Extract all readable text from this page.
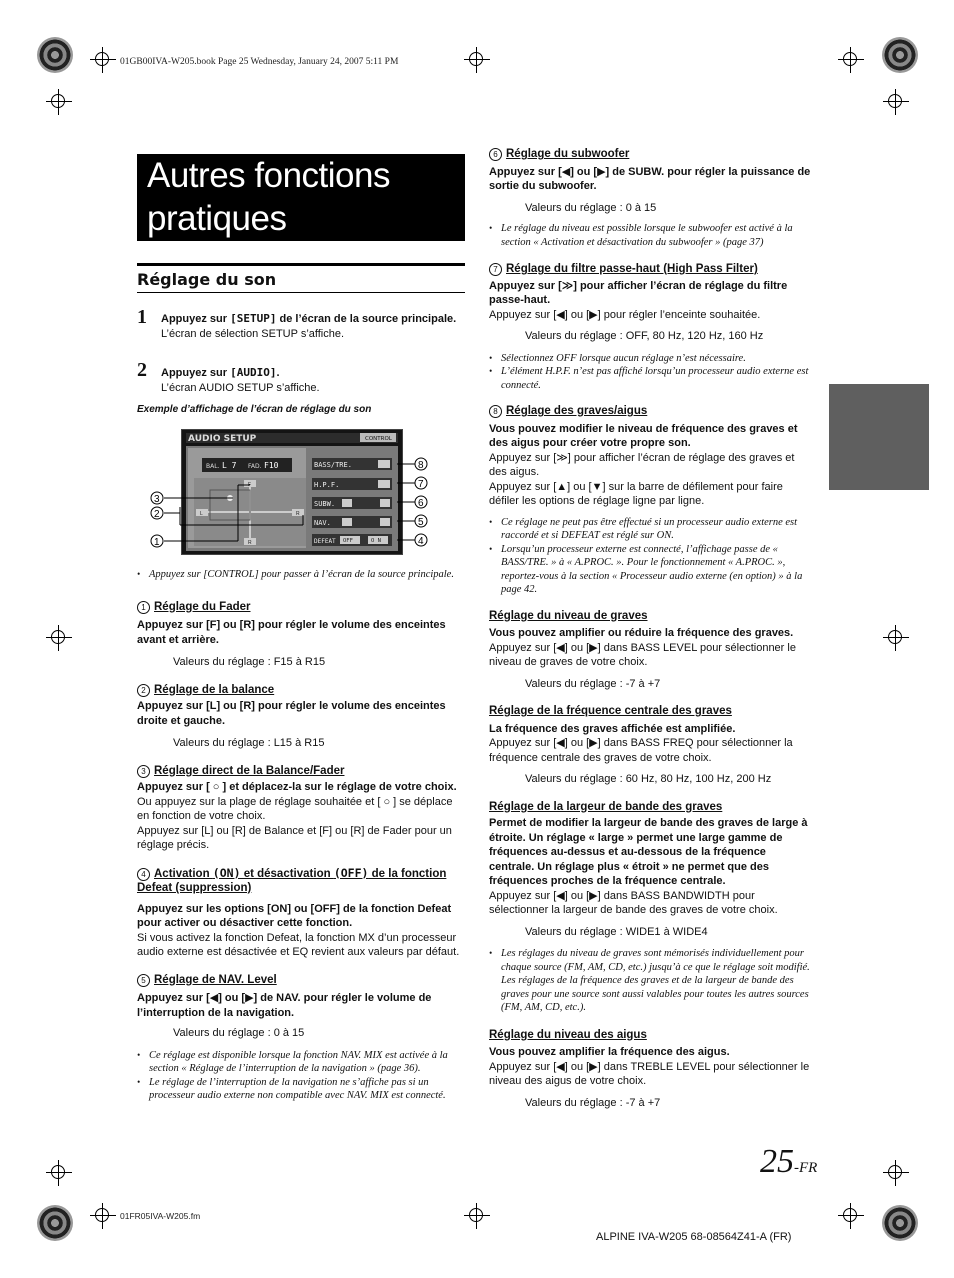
01GB00IVA-W205.book Page 25 Wednesday, January 24, 2007 5:11 PM
01FR05IVA-W205.fm
ALPINE IVA-W205 68-08564Z41-A (FR)
25-FR
Autres fonctions
pratiques
Réglage du son
1 Appuyez sur [SETUP] de l’écran de la source principale.

L’écran de sélection SETUP s’affiche.

2 Appuyez sur [AUDIO].

L’écran AUDIO SETUP s’affiche.

Exemple d’affichage de l’écran de réglage du son
AUDIO SETUP	CONTROL
BAL. L 7 FAD. F10
F
R
L	R
BASS/TRE.
H.P.F.
SUBW.
NAV.
DEFEAT OFF	O N
3
2
1
8
7
6
5
4

• Appuyez sur [CONTROL] pour passer à l’écran de la source principale.

1 Réglage du Fader

Appuyez sur [F] ou [R] pour régler le volume des enceintes avant et arrière.

Valeurs du réglage : F15 à R15

2 Réglage de la balance

Appuyez sur [L] ou [R] pour régler le volume des enceintes droite et gauche.

Valeurs du réglage : L15 à R15

3 Réglage direct de la Balance/Fader

Appuyez sur [ ○ ] et déplacez-la sur le réglage de votre choix.

Ou appuyez sur la plage de réglage souhaitée et [ ○ ] se déplace en fonction de votre choix.

Appuyez sur [L] ou [R] de Balance et [F] ou [R] de Fader pour un réglage précis.

4 Activation (ON) et désactivation (OFF) de la fonction Defeat (suppression)

Appuyez sur les options [ON] ou [OFF] de la fonction Defeat pour activer ou désactiver cette fonction.

Si vous activez la fonction Defeat, la fonction MX d’un processeur audio externe est désactivée et EQ revient aux valeurs par défaut.

5 Réglage de NAV. Level

Appuyez sur [◀] ou [▶] de NAV. pour régler le volume de l’interruption de la navigation.

Valeurs du réglage : 0 à 15

• Ce réglage est disponible lorsque la fonction NAV. MIX est activée à la section « Réglage de l’interruption de la navigation » (page 36).

• Le réglage de l’interruption de la navigation ne s’affiche pas si un processeur audio externe non compatible avec NAV. MIX est connecté.

6 Réglage du subwoofer

Appuyez sur [◀] ou [▶] de SUBW. pour régler la puissance de sortie du subwoofer.

Valeurs du réglage : 0 à 15

• Le réglage du niveau est possible lorsque le subwoofer est activé à la section « Activation et désactivation du subwoofer » (page 37)

7 Réglage du filtre passe-haut (High Pass Filter)

Appuyez sur [≫] pour afficher l’écran de réglage du filtre passe-haut.

Appuyez sur [◀] ou [▶] pour régler l’enceinte souhaitée.

Valeurs du réglage : OFF, 80 Hz, 120 Hz, 160 Hz

• Sélectionnez OFF lorsque aucun réglage n’est nécessaire.

• L’élément H.P.F. n’est pas affiché lorsqu’un processeur audio externe est connecté.

8 Réglage des graves/aigus

Vous pouvez modifier le niveau de fréquence des graves et des aigus pour créer votre propre son.

Appuyez sur [≫] pour afficher l’écran de réglage des graves et des aigus.

Appuyez sur [▲] ou [▼] sur la barre de défilement pour faire défiler les options de réglage ligne par ligne.

• Ce réglage ne peut pas être effectué si un processeur audio externe est raccordé et si DEFEAT est réglé sur ON.

• Lorsqu’un processeur externe est connecté, l’affichage passe de « BASS/TRE. » à « A.PROC. ». Pour le fonctionnement « A.PROC. », reportez-vous à la section « Processeur audio externe (en option) » à la page 42.

Réglage du niveau de graves

Vous pouvez amplifier ou réduire la fréquence des graves.

Appuyez sur [◀] ou [▶] dans BASS LEVEL pour sélectionner le niveau de graves de votre choix.

Valeurs du réglage : -7 à +7

Réglage de la fréquence centrale des graves

La fréquence des graves affichée est amplifiée.

Appuyez sur [◀] ou [▶] dans BASS FREQ pour sélectionner la fréquence centrale des graves de votre choix.

Valeurs du réglage : 60 Hz, 80 Hz, 100 Hz, 200 Hz

Réglage de la largeur de bande des graves

Permet de modifier la largeur de bande des graves de large à étroite. Un réglage « large » permet une large gamme de fréquences au-dessus et au-dessous de la fréquence centrale. Un réglage plus « étroit » ne permet que des fréquences proches de la fréquence centrale.

Appuyez sur [◀] ou [▶] dans BASS BANDWIDTH pour sélectionner la largeur de bande des graves de votre choix.

Valeurs du réglage : WIDE1 à WIDE4

• Les réglages du niveau de graves sont mémorisés individuellement pour chaque source (FM, AM, CD, etc.) jusqu’à ce que le réglage soit modifié. Les réglages de la fréquence des graves et de la largeur de bande des graves pour une source sont aussi valables pour toutes les autres sources (FM, AM, CD, etc.).

Réglage du niveau des aigus

Vous pouvez amplifier la fréquence des aigus.

Appuyez sur [◀] ou [▶] dans TREBLE LEVEL pour sélectionner le niveau des aigus de votre choix.

Valeurs du réglage : -7 à +7
